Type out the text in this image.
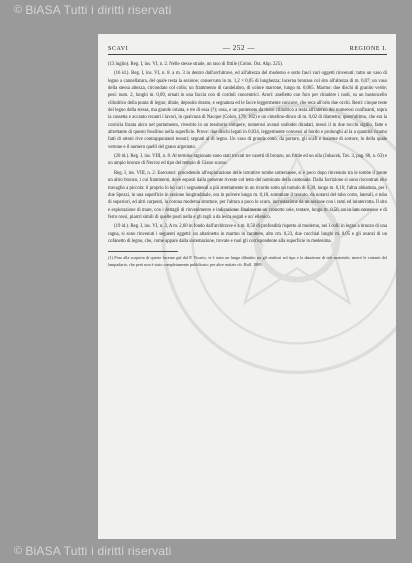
© BiASA Tutti i diritti riservati
SCAVI	— 252 —	REGIONE I.

(13 luglio). Reg. I, ins. VI, n. 2. Nelle stesse strade, un raso di fittile (Colon. Ost. Ahp. 225).

(16 id.). Reg. I, ins. VI, n. 8. a m. 3 in dentro dall'architrave, ed all'altezza del moderno e sotto fasci vari oggetti rinvenuti: tutto un vaso di legno a cannellatura, del quale resta la sezione; conservato in m. 1,2 × 0,05 di lunghezza; lucerna bronzea col sito all'altezza di m. 0,07; un vaso della stessa altezza, circondato col collo; un frammento di candelabro, di colore marrone, lungo m. 0,065. Marmo: due dischi di granito verde; pesi: num. 2, lunghi m. 0,09, ornati in una faccia con di cordoli concentrici. Avori: anelletto con foro per chiudere i nodi, su un bastoncello cilindrico della punta di legno; ditale, deposito dorato, e segnatura ed le facce leggermente concave, che reca all'orlo due occhi. Resti: cinque teste del legno della stessa, ma grande ornata, e tre di essa (?); ossa, e un ponteneto da rosso cilindrico a testa all'interno dei numerosi confinanti, sopra la cassetta e accanto recanti i lavori, in qualcuna di Nacque (Colon. 179, 182) e un cimelino-dinco di m. 0,02 di diametro; quest'ultimo, che era la cornicia forata alcro nel portamento, rivestito in un tessitorio rompere, numerosi avanzi unilodei diradati, messi il in due rocchi sigillo, fatte e altrettante di questo fossilino nella superficie. Prove: due dischi legati in 0,034, leggermente convessi al bordo e prolunghi al la a quantità ricamo fatti di ottoni rive contrappuntanti tessuti; segnati al di legno. Un vaso di grande cono, da portare, gli scafi e insieme di sortore, lo della quale vetrone e il numero quelli del grano argentato.

(20 id.). Reg. I, ins. VIII, n. 8. Al termine ragionato sono stati trovati tre vasetti di bronzo, un fittile ed un olla (Juhacek, Tav. 3, pag. 68, n. 63) e un ampio bronzo di Necroz ed tipo del tempio di Giano scarso.

Reg. I, ins. VIII, n. 2. Esecutori: procedendo all'esplorazione delle istruttive tombe sotterranee, si è poco dopo rinvenuto tra le tombe il ponte un altro bronzo, i cui frammenti, dove esposti dalla presente riveste col tetto del nominato della cantonale. Dalla Iscrizione si sono riscontrati elio travaglio a piccola: il proprio lo ho cari i segnamenti a più strettamente in un ricordo sotto un tumulo di 0,30, lungo m. 0,16; l'altra abbattuta, per i due Spezzi, in una superficie in sezione longitudinale, ora in polvere lungo m. 0,18, sommiate il tessuto, da notarsi del tubo corto, laterali, e tuba di superiori, ed altri carpenti, la corona moderna strutture, per l'altura a poco lo scuro, incrostazione da un sezione con i rami ed ininterrotta. Il sito e esplorazione di mare, con i dettagli di rinvenimento e indicazione: finalmente un cronotto sole, tentare, lungo m. 0,50, un in lato convesso e di ferro rossi, piastri simili di quelle posti nella e gli ragli a da lesca segati e un' ellenico.

(19 id.). Reg. I, ins. VI, n. 3, A m. 2,60 in fondo dall'architrave e a m. 0,50 di profondità rispetto al moderno, nei I colli in legno a bronzo di una ragna, si sono rinvenuti i seguenti oggetti: un altarinetto in marmo in carattere, alto cm. 0,23, due cucchiai lunghi m. 0,05 e gli avanzi di un cofanetto di legno, che, come appare dalla sistemazione, trovate e ruol gli corrispondente alla superficie in medesima.

(1) Fino alla scoperta di queste lucerne già dal P. Vicario, vi è stato un lungo dibattito tra gli studiosi sul tipo e la datazione di tale materiale, mercé le varianti del lampadario, che però non è stato completamente pubblicato; per altre notizie cfr. Bull. 1889.

© BiASA Tutti i diritti riservati
